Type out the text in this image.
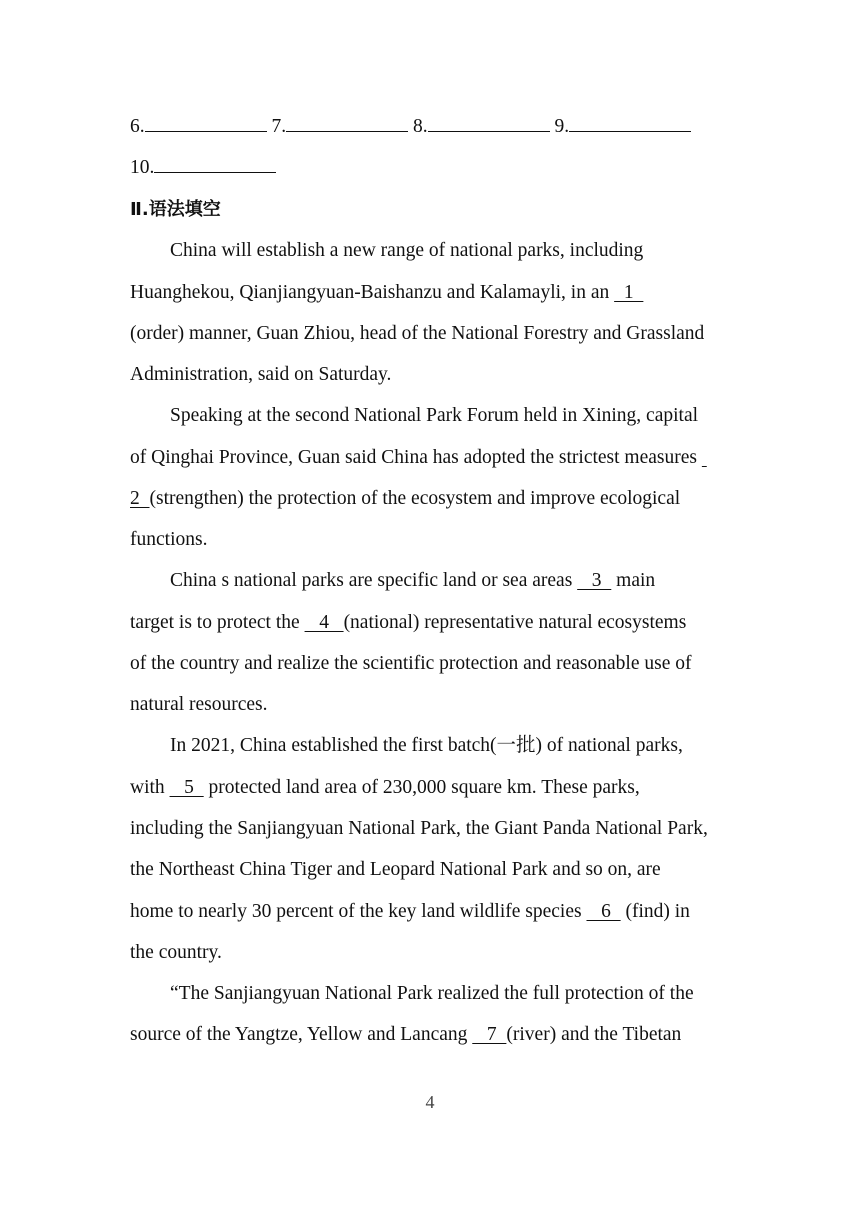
6.	7.	8.	9.
10.
Ⅱ.语法填空
China will establish a new range of national parks, including
Huanghekou, Qianjiangyuan-Baishanzu and Kalamayli, in an   1
(order) manner, Guan Zhiou, head of the National Forestry and Grassland
Administration, said on Saturday.
Speaking at the second National Park Forum held in Xining, capital
of Qinghai Province, Guan said China has adopted the strictest measures
2  (strengthen) the protection of the ecosystem and improve ecological
functions.
China s national parks are specific land or sea areas    3   main
target is to protect the    4   (national) representative natural ecosystems
of the country and realize the scientific protection and reasonable use of
natural resources.
In 2021, China established the first batch(一批) of national parks,
with    5   protected land area of 230,000 square km. These parks,
including the Sanjiangyuan National Park, the Giant Panda National Park,
the Northeast China Tiger and Leopard National Park and so on, are
home to nearly 30 percent of the key land wildlife species    6   (find) in
the country.
“The Sanjiangyuan National Park realized the full protection of the
source of the Yangtze, Yellow and Lancang    7  (river) and the Tibetan
4
